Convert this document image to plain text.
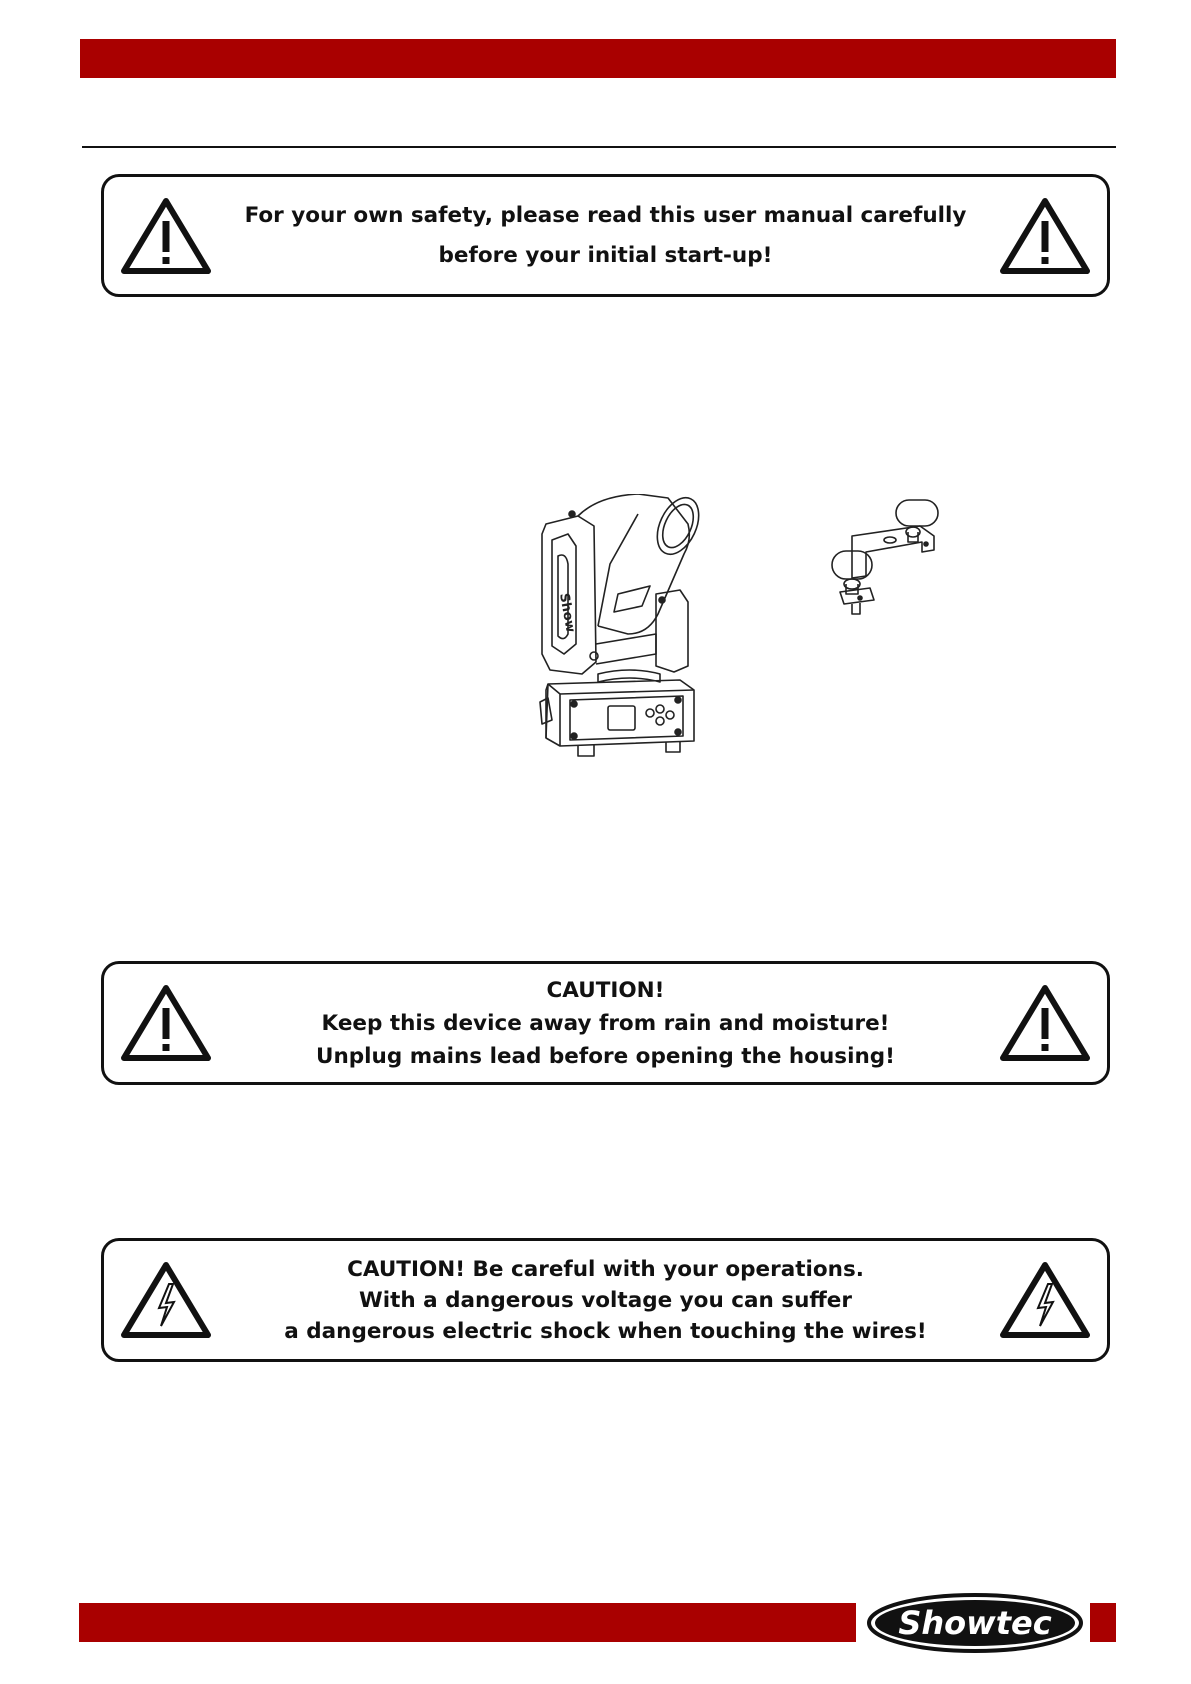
For your own safety, please read this user manual carefully
before your initial start-up!
Show
CAUTION!
Keep this device away from rain and moisture!
Unplug mains lead before opening the housing!
CAUTION! Be careful with your operations.
With a dangerous voltage you can suffer
a dangerous electric shock when touching the wires!
Showtec
